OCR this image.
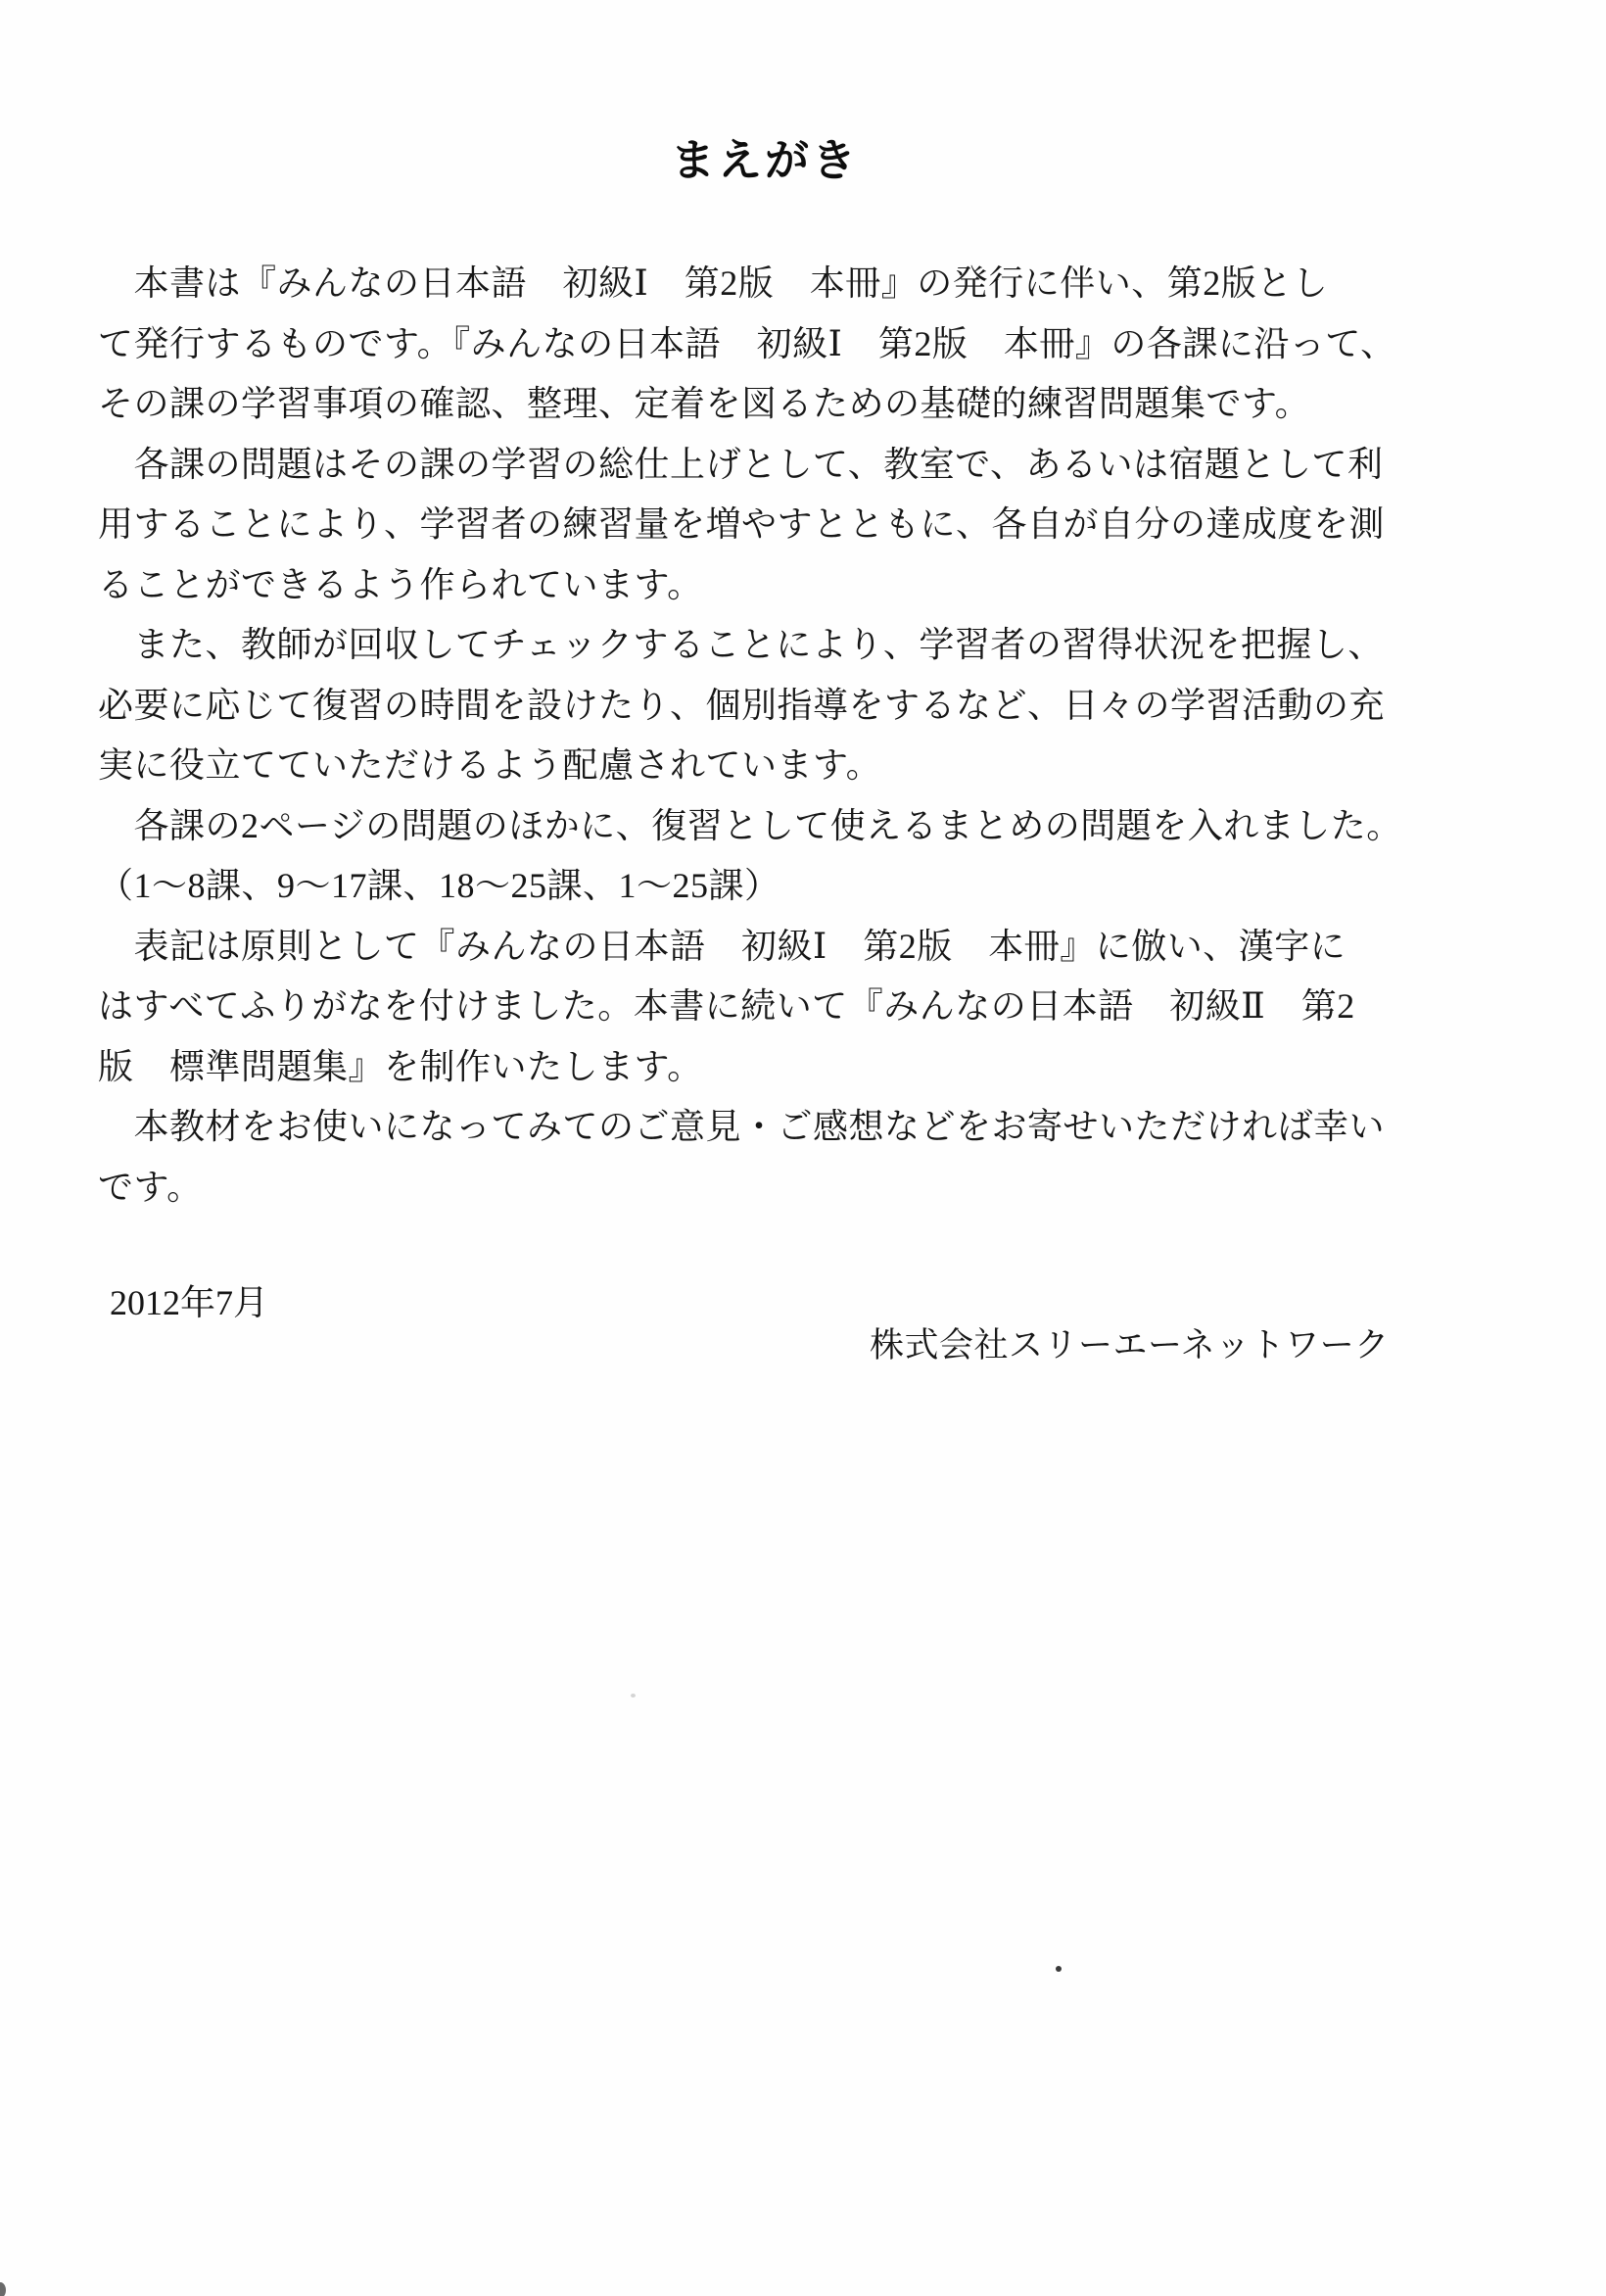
まえがき
　本書は『みんなの日本語　初級Ⅰ　第2版　本冊』の発行に伴い、第2版とし
て発行するものです。『みんなの日本語　初級Ⅰ　第2版　本冊』の各課に沿って、
その課の学習事項の確認、整理、定着を図るための基礎的練習問題集です。
　各課の問題はその課の学習の総仕上げとして、教室で、あるいは宿題として利
用することにより、学習者の練習量を増やすとともに、各自が自分の達成度を測
ることができるよう作られています。
　また、教師が回収してチェックすることにより、学習者の習得状況を把握し、
必要に応じて復習の時間を設けたり、個別指導をするなど、日々の学習活動の充
実に役立てていただけるよう配慮されています。
　各課の2ページの問題のほかに、復習として使えるまとめの問題を入れました。
（1～8課、9～17課、18～25課、1～25課）
　表記は原則として『みんなの日本語　初級Ⅰ　第2版　本冊』に倣い、漢字に
はすべてふりがなを付けました。本書に続いて『みんなの日本語　初級Ⅱ　第2
版　標準問題集』を制作いたします。
　本教材をお使いになってみてのご意見・ご感想などをお寄せいただければ幸い
です。
2012年7月
株式会社スリーエーネットワーク
